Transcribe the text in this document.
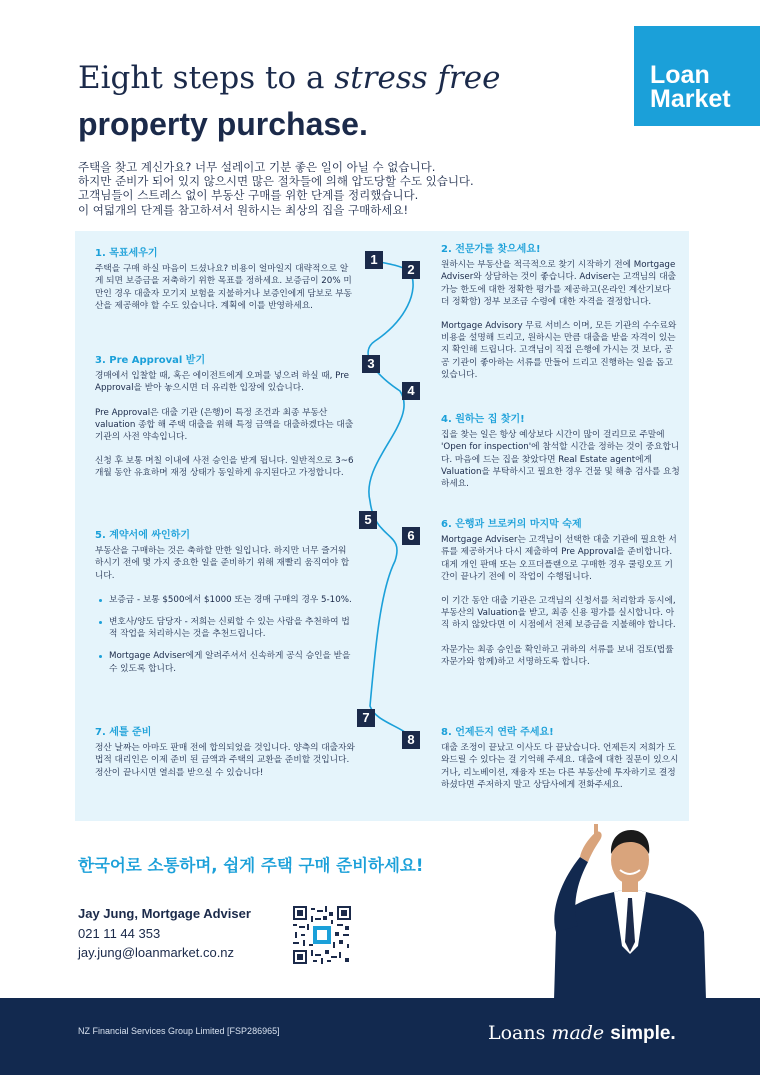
Loan
Market
Eight steps to a stress free
property purchase.
주택을 찾고 계신가요? 너무 설레이고 기분 좋은 일이 아닐 수 없습니다.
하지만 준비가 되어 있지 않으시면 많은 절차들에 의해 압도당할 수도 있습니다.
고객님들이 스트레스 없이 부동산 구매를 위한 단계를 정리했습니다.
이 여덟개의 단계를 참고하셔서 원하시는 최상의 집을 구매하세요!
1
2
3
4
5
6
7
8
1. 목표세우기

주택을 구매 하실 마음이 드셨나요? 비용이 얼마일지 대략적으로 알게 되면 보증금을 저축하기 위한 목표를 정하세요. 보증금이 20% 미만인 경우 대출자 모기지 보험을 지불하거나 보증인에게 담보로 부동산을 제공해야 할 수도 있습니다. 계획에 이를 반영하세요.

3. Pre Approval 받기

경매에서 입찰할 때, 혹은 에이전트에게 오퍼를 넣으려 하실 때, Pre Approval을 받아 놓으시면 더 유리한 입장에 있습니다.

Pre Approval은 대출 기관 (은행)이 특정 조건과 최종 부동산 valuation 종합 해 주택 대출을 위해 특정 금액을 대출하겠다는 대출 기관의 사전 약속입니다.

신청 후 보통 며칠 이내에 사전 승인을 받게 됩니다. 일반적으로 3~6개월 동안 유효하며 재정 상태가 동일하게 유지된다고 가정합니다.

5. 계약서에 싸인하기

부동산을 구매하는 것은 축하할 만한 일입니다. 하지만 너무 즐거워 하시기 전에 몇 가지 중요한 일을 준비하기 위해 재빨리 움직여야 합니다.

보증금 - 보통 $500에서 $1000 또는 경매 구매의 경우 5-10%.
변호사/양도 담당자 - 저희는 신뢰할 수 있는 사람을 추천하여 법적 작업을 처리하시는 것을 추천드립니다.
Mortgage Adviser에게 알려주셔서 신속하게 공식 승인을 받을 수 있도록 합니다.
7. 세틀 준비

정산 날짜는 아마도 판매 전에 합의되었을 것입니다. 양측의 대출자와 법적 대리인은 이제 준비 된 금액과 주택의 교환을 준비할 것입니다. 정산이 끝나시면 열쇠를 받으실 수 있습니다!

2. 전문가를 찾으세요!

원하시는 부동산을 적극적으로 찾기 시작하기 전에 Mortgage Adviser와 상담하는 것이 좋습니다. Adviser는 고객님의 대출 가능 한도에 대한 정확한 평가를 제공하고(온라인 계산기보다 더 정확함) 정부 보조금 수령에 대한 자격을 결정합니다.

Mortgage Advisory 무료 서비스 이며, 모든 기관의 수수료와 비용을 설명해 드리고, 원하시는 만큼 대출을 받을 자격이 있는지 확인해 드립니다. 고객님이 직접 은행에 가시는 것 보다, 공공 기관이 좋아하는 서류를 만들어 드리고 진행하는 일을 돕고 있습니다.

4. 원하는 집 찾기!

집을 찾는 일은 항상 예상보다 시간이 많이 걸리므로 주말에 'Open for inspection'에 참석할 시간을 정하는 것이 중요합니다. 마음에 드는 집을 찾았다면 Real Estate agent에게 Valuation을 부탁하시고 필요한 경우 건물 및 해충 검사를 요청하세요.

6. 은행과 브로커의 마지막 숙제

Mortgage Adviser는 고객님이 선택한 대출 기관에 필요한 서류를 제공하거나 다시 제출하여 Pre Approval을 준비합니다. 대게 개인 판매 또는 오프더플랜으로 구매한 경우 쿨링오프 기간이 끝나기 전에 이 작업이 수행됩니다.

이 기간 동안 대출 기관은 고객님의 신청서를 처리함과 동시에, 부동산의 Valuation을 받고, 최종 신용 평가를 실시합니다. 아직 하지 않았다면 이 시점에서 전체 보증금을 지불해야 합니다.

자문가는 최종 승인을 확인하고 귀하의 서류를 보내 검토(법률 자문가와 함께)하고 서명하도록 합니다.

8. 언제든지 연락 주세요!

대출 조정이 끝났고 이사도 다 끝났습니다. 언제든지 저희가 도와드릴 수 있다는 걸 기억해 주세요. 대출에 대한 질문이 있으시거나, 리노베이션, 재융자 또는 다른 부동산에 투자하기로 결정하셨다면 주저하지 말고 상담사에게 전화주세요.

한국어로 소통하며, 쉽게 주택 구매 준비하세요!
Jay Jung, Mortgage Adviser
021 11 44 353
jay.jung@loanmarket.co.nz
NZ Financial Services Group Limited [FSP286965]	Loans made simple.
